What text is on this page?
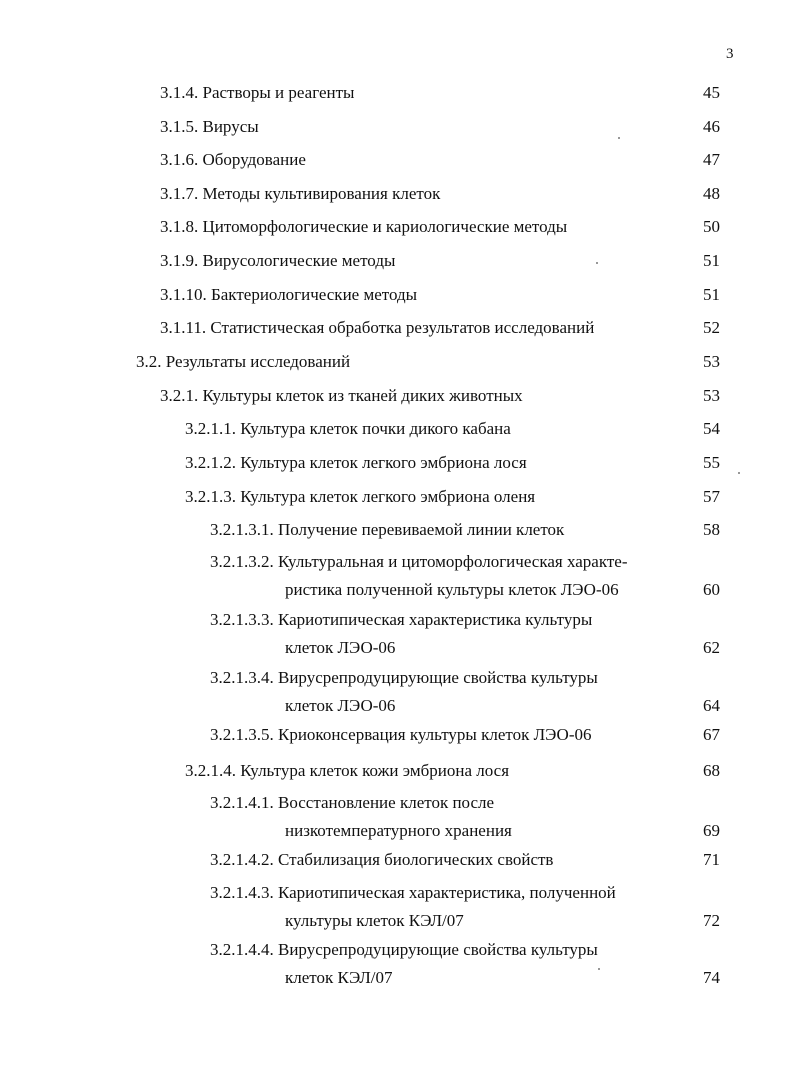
3
3.1.4. Растворы и реагенты	45
3.1.5. Вирусы	46
3.1.6. Оборудование	47
3.1.7. Методы культивирования клеток	48
3.1.8. Цитоморфологические и кариологические методы	50
3.1.9. Вирусологические методы	51
3.1.10. Бактериологические методы	51
3.1.11. Статистическая обработка результатов исследований	52
3.2. Результаты исследований	53
3.2.1. Культуры клеток из тканей диких животных	53
3.2.1.1. Культура клеток почки дикого кабана	54
3.2.1.2. Культура клеток легкого эмбриона лося	55
3.2.1.3. Культура клеток легкого эмбриона оленя	57
3.2.1.3.1. Получение перевиваемой линии клеток	58
3.2.1.3.2. Культуральная и цитоморфологическая характе-
ристика полученной культуры клеток ЛЭО-06	60
3.2.1.3.3. Кариотипическая характеристика культуры
клеток ЛЭО-06	62
3.2.1.3.4. Вирусрепродуцирующие свойства культуры
клеток ЛЭО-06	64
3.2.1.3.5. Криоконсервация культуры клеток ЛЭО-06	67
3.2.1.4. Культура клеток кожи эмбриона лося	68
3.2.1.4.1. Восстановление клеток после
низкотемпературного хранения	69
3.2.1.4.2. Стабилизация биологических свойств	71
3.2.1.4.3. Кариотипическая характеристика, полученной
культуры клеток КЭЛ/07	72
3.2.1.4.4. Вирусрепродуцирующие свойства культуры
клеток КЭЛ/07	74
